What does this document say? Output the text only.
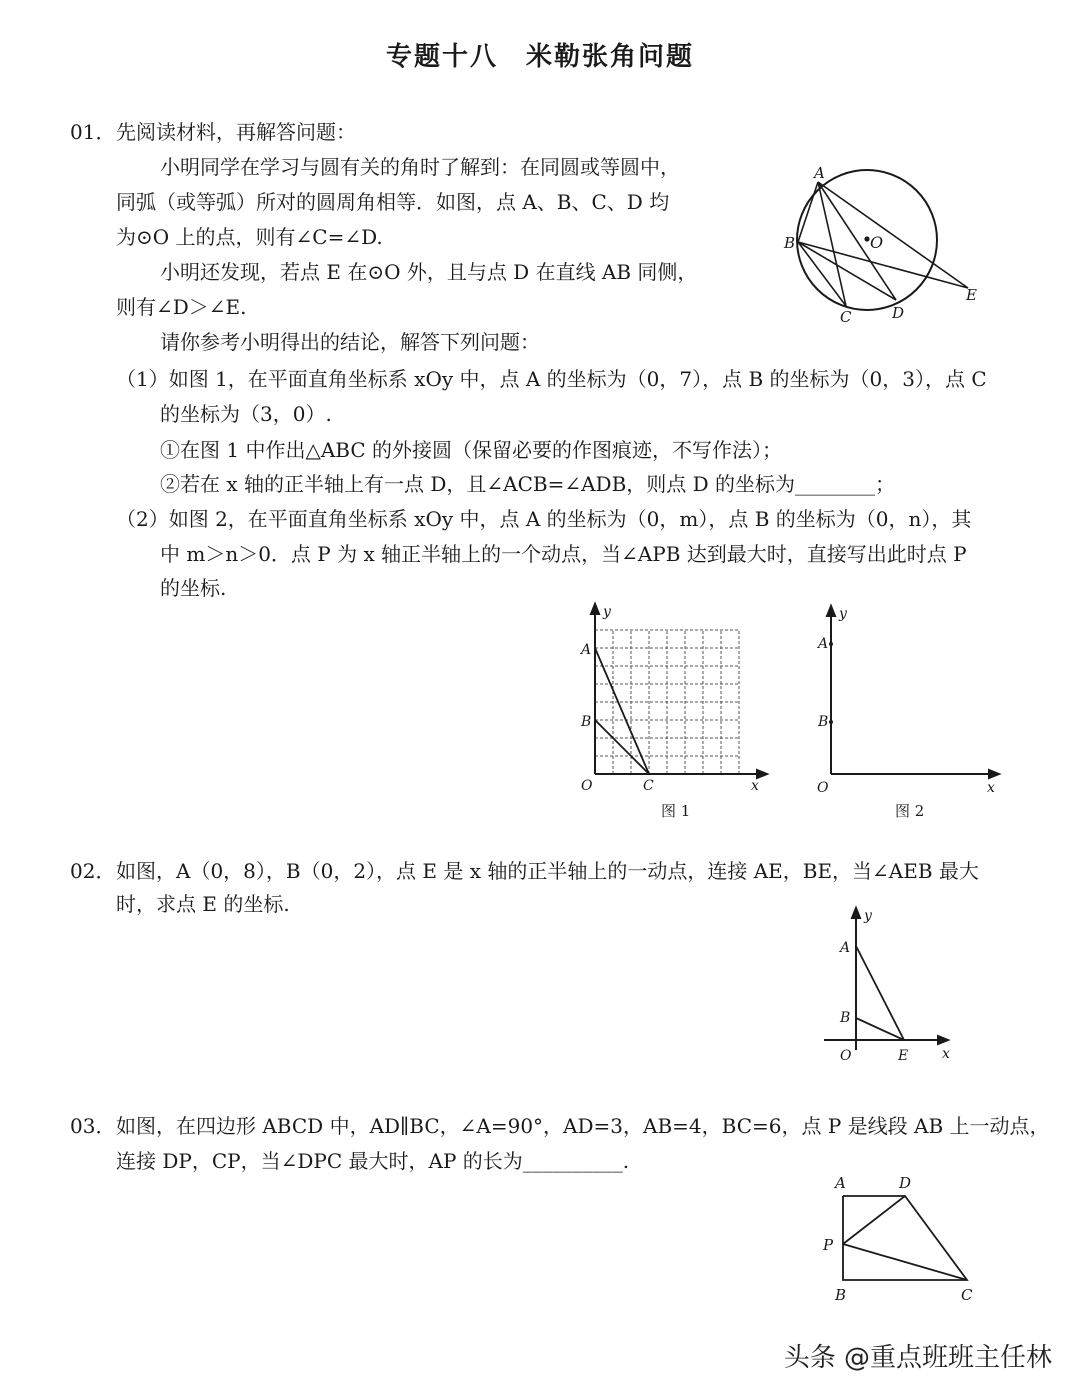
专题十八　米勒张角问题
01． 先阅读材料，再解答问题：
小明同学在学习与圆有关的角时了解到：在同圆或等圆中，
同弧（或等弧）所对的圆周角相等．如图，点 A、B、C、D 均
为⊙O 上的点，则有∠C=∠D.
小明还发现，若点 E 在⊙O 外，且与点 D 在直线 AB 同侧，
则有∠D＞∠E.
请你参考小明得出的结论，解答下列问题：
（1）如图 1，在平面直角坐标系 xOy 中，点 A 的坐标为（0，7），点 B 的坐标为（0，3），点 C
的坐标为（3，0）.
①在图 1 中作出△ABC 的外接圆（保留必要的作图痕迹，不写作法）；
②若在 x 轴的正半轴上有一点 D，且∠ACB=∠ADB，则点 D 的坐标为________；
（2）如图 2，在平面直角坐标系 xOy 中，点 A 的坐标为（0，m），点 B 的坐标为（0，n），其
中 m＞n＞0．点 P 为 x 轴正半轴上的一个动点，当∠APB 达到最大时，直接写出此时点 P
的坐标.
A
B	O
C	D
E
y
x
O
A
B
C
图 1
y
x
O
A
B
图 2
02． 如图，A（0，8），B（0，2），点 E 是 x 轴的正半轴上的一动点，连接 AE，BE，当∠AEB 最大
时，求点 E 的坐标.	y
x
O
A
B
E
03． 如图，在四边形 ABCD 中，AD∥BC，∠A=90°，AD=3，AB=4，BC=6，点 P 是线段 AB 上一动点，
连接 DP，CP，当∠DPC 最大时，AP 的长为__________.
A	D
P
B	C
头条 @重点班班主任林
